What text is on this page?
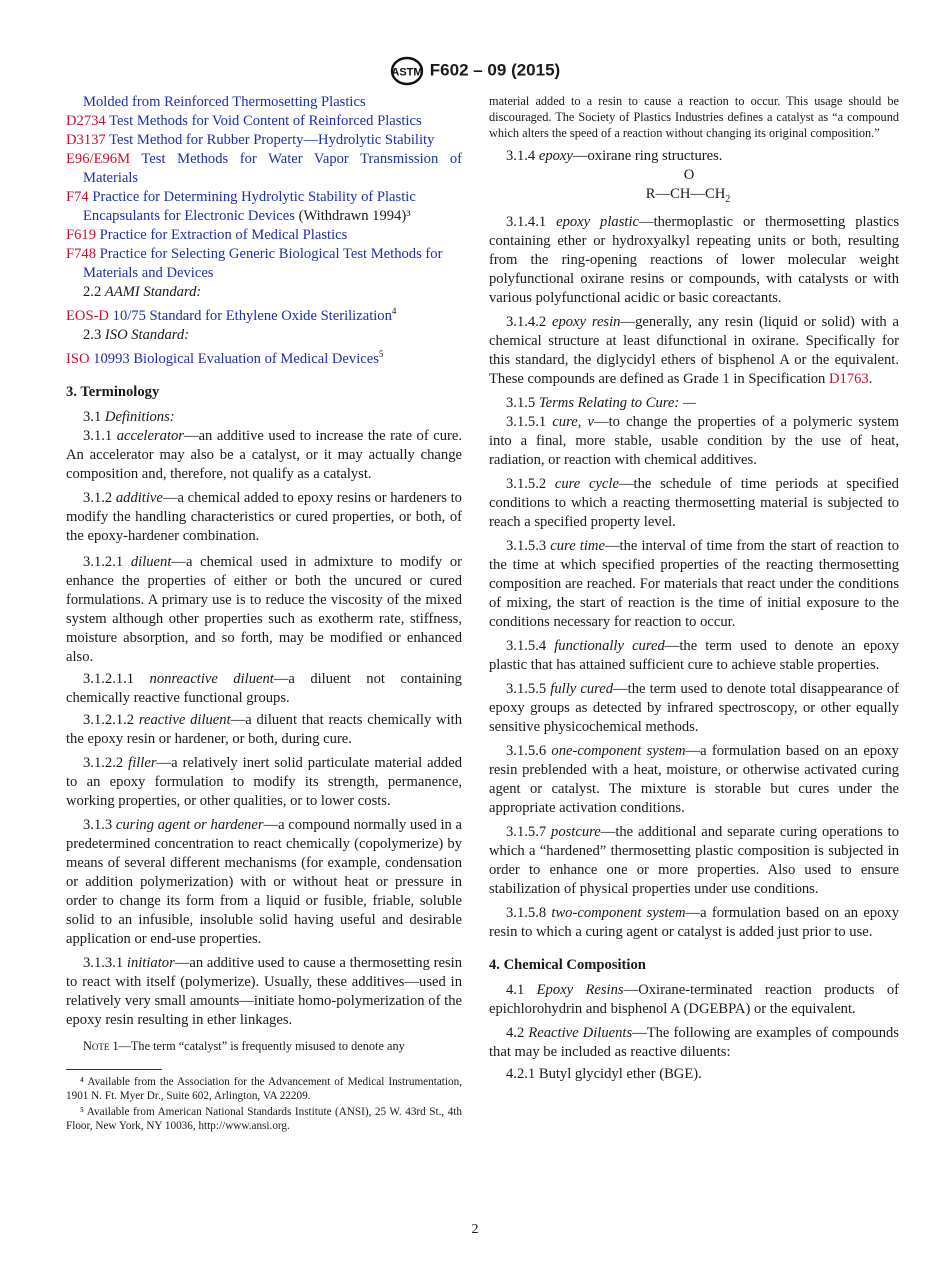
ASTM F602 – 09 (2015)

Molded from Reinforced Thermosetting Plastics

D2734 Test Methods for Void Content of Reinforced Plastics

D3137 Test Method for Rubber Property—Hydrolytic Stability

E96/E96M Test Methods for Water Vapor Transmission of Materials

F74 Practice for Determining Hydrolytic Stability of Plastic Encapsulants for Electronic Devices (Withdrawn 1994)³

F619 Practice for Extraction of Medical Plastics

F748 Practice for Selecting Generic Biological Test Methods for Materials and Devices

2.2 AAMI Standard:

EOS-D 10/75 Standard for Ethylene Oxide Sterilization$^4$

2.3 ISO Standard:

ISO 10993 Biological Evaluation of Medical Devices$^5$

3. Terminology

3.1 Definitions:

3.1.1 accelerator—an additive used to increase the rate of cure. An accelerator may also be a catalyst, or it may actually change composition and, therefore, not qualify as a catalyst.

3.1.2 additive—a chemical added to epoxy resins or hardeners to modify the handling characteristics or cured properties, or both, of the epoxy-hardener combination.

3.1.2.1 diluent—a chemical used in admixture to modify or enhance the properties of either or both the uncured or cured formulations. A primary use is to reduce the viscosity of the mixed system although other properties such as exotherm rate, stiffness, moisture absorption, and so forth, may be modified or enhanced also.

3.1.2.1.1 nonreactive diluent—a diluent not containing chemically reactive functional groups.

3.1.2.1.2 reactive diluent—a diluent that reacts chemically with the epoxy resin or hardener, or both, during cure.

3.1.2.2 filler—a relatively inert solid particulate material added to an epoxy formulation to modify its strength, permanence, working properties, or other qualities, or to lower costs.

3.1.3 curing agent or hardener—a compound normally used in a predetermined concentration to react chemically (copolymerize) by means of several different mechanisms (for example, condensation or addition polymerization) with or without heat or pressure in order to change its form from a liquid or fusible, friable, soluble solid to an infusible, insoluble solid having useful and desirable application or end-use properties.

3.1.3.1 initiator—an additive used to cause a thermosetting resin to react with itself (polymerize). Usually, these additives—used in relatively very small amounts—initiate homo-polymerization of the epoxy resin resulting in ether linkages.

Note 1—The term “catalyst” is frequently misused to denote any

⁴ Available from the Association for the Advancement of Medical Instrumentation, 1901 N. Ft. Myer Dr., Suite 602, Arlington, VA 22209.

⁵ Available from American National Standards Institute (ANSI), 25 W. 43rd St., 4th Floor, New York, NY 10036, http://www.ansi.org.

material added to a resin to cause a reaction to occur. This usage should be discouraged. The Society of Plastics Industries defines a catalyst as “a compound which alters the speed of a reaction without changing its original composition.”

3.1.4 epoxy—oxirane ring structures.

O
$R—CH—CH_2$

3.1.4.1 epoxy plastic—thermoplastic or thermosetting plastics containing ether or hydroxyalkyl repeating units or both, resulting from the ring-opening reactions of lower molecular weight polyfunctional oxirane resins or compounds, with catalysts or with various polyfunctional acidic or basic coreactants.

3.1.4.2 epoxy resin—generally, any resin (liquid or solid) with a chemical structure at least difunctional in oxirane. Specifically for this standard, the diglycidyl ethers of bisphenol A or the equivalent. These compounds are defined as Grade 1 in Specification D1763.

3.1.5 Terms Relating to Cure: —

3.1.5.1 cure, v—to change the properties of a polymeric system into a final, more stable, usable condition by the use of heat, radiation, or reaction with chemical additives.

3.1.5.2 cure cycle—the schedule of time periods at specified conditions to which a reacting thermosetting material is subjected to reach a specified property level.

3.1.5.3 cure time—the interval of time from the start of reaction to the time at which specified properties of the reacting thermosetting composition are reached. For materials that react under the conditions of mixing, the start of reaction is the time of initial exposure to the conditions necessary for reaction to occur.

3.1.5.4 functionally cured—the term used to denote an epoxy plastic that has attained sufficient cure to achieve stable properties.

3.1.5.5 fully cured—the term used to denote total disappearance of epoxy groups as detected by infrared spectroscopy, or other equally sensitive physicochemical methods.

3.1.5.6 one-component system—a formulation based on an epoxy resin preblended with a heat, moisture, or otherwise activated curing agent or catalyst. The mixture is storable but cures under the appropriate activation conditions.

3.1.5.7 postcure—the additional and separate curing operations to which a “hardened” thermosetting plastic composition is subjected in order to enhance one or more properties. Also used to ensure stabilization of physical properties under use conditions.

3.1.5.8 two-component system—a formulation based on an epoxy resin to which a curing agent or catalyst is added just prior to use.

4. Chemical Composition

4.1 Epoxy Resins—Oxirane-terminated reaction products of epichlorohydrin and bisphenol A (DGEBPA) or the equivalent.

4.2 Reactive Diluents—The following are examples of compounds that may be included as reactive diluents:

4.2.1 Butyl glycidyl ether (BGE).

2
